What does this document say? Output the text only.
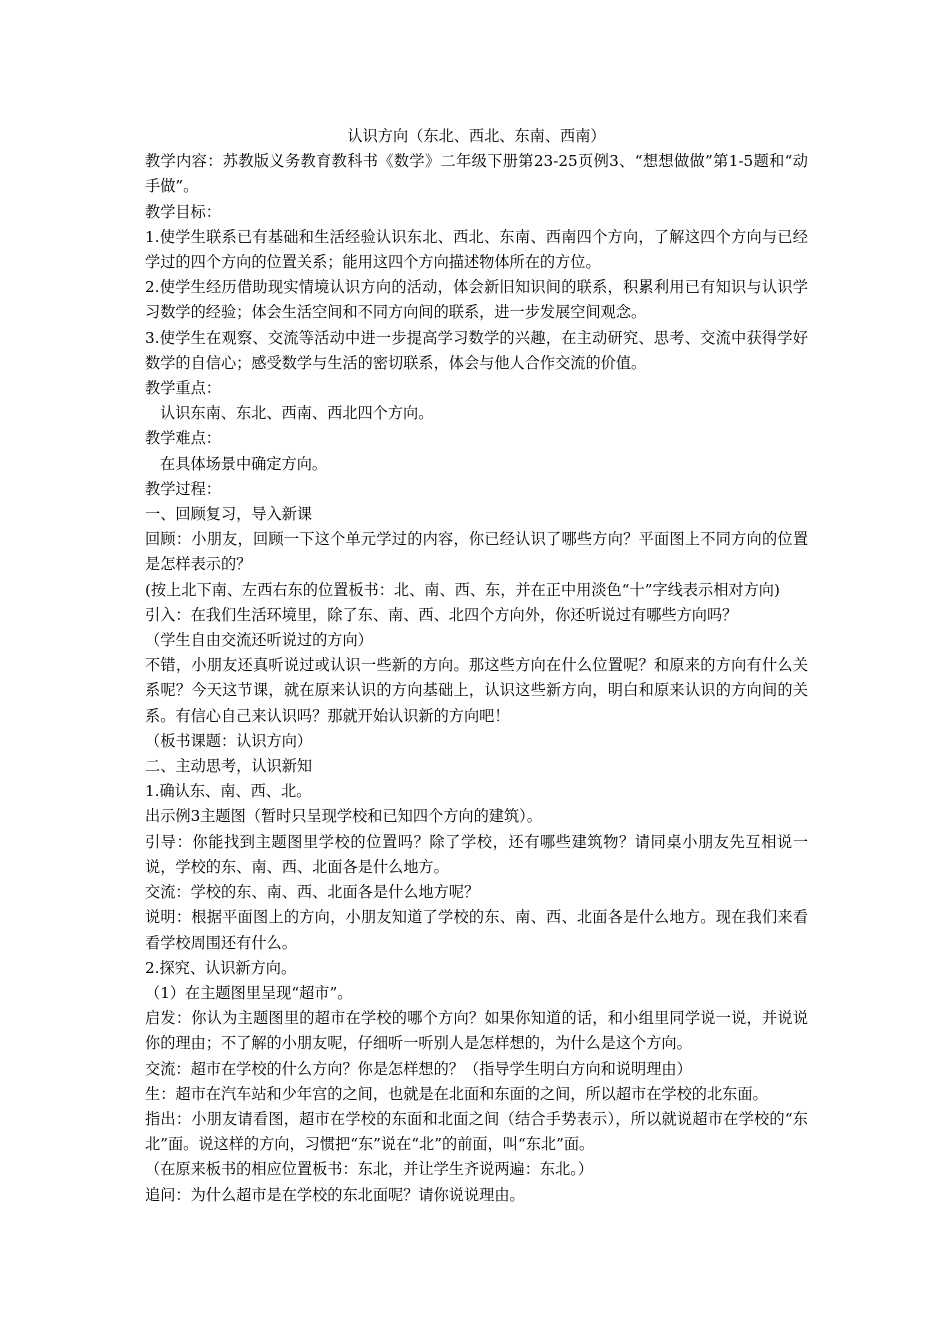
认识方向（东北、西北、东南、西南）

教学内容：苏教版义务教育教科书《数学》二年级下册第23-25页例3、“想想做做”第1-5题和“动手做”。

教学目标：

1.使学生联系已有基础和生活经验认识东北、西北、东南、西南四个方向，了解这四个方向与已经学过的四个方向的位置关系；能用这四个方向描述物体所在的方位。

2.使学生经历借助现实情境认识方向的活动，体会新旧知识间的联系，积累利用已有知识与认识学习数学的经验；体会生活空间和不同方向间的联系，进一步发展空间观念。

3.使学生在观察、交流等活动中进一步提高学习数学的兴趣，在主动研究、思考、交流中获得学好数学的自信心；感受数学与生活的密切联系，体会与他人合作交流的价值。

教学重点：

认识东南、东北、西南、西北四个方向。

教学难点：

在具体场景中确定方向。

教学过程：

一、回顾复习，导入新课

回顾：小朋友，回顾一下这个单元学过的内容，你已经认识了哪些方向？平面图上不同方向的位置是怎样表示的？

(按上北下南、左西右东的位置板书：北、南、西、东，并在正中用淡色“十”字线表示相对方向)

引入：在我们生活环境里，除了东、南、西、北四个方向外，你还听说过有哪些方向吗？

（学生自由交流还听说过的方向）

不错，小朋友还真听说过或认识一些新的方向。那这些方向在什么位置呢？和原来的方向有什么关系呢？今天这节课，就在原来认识的方向基础上，认识这些新方向，明白和原来认识的方向间的关系。有信心自己来认识吗？那就开始认识新的方向吧！

（板书课题：认识方向）

二、主动思考，认识新知

1.确认东、南、西、北。

出示例3主题图（暂时只呈现学校和已知四个方向的建筑）。

引导：你能找到主题图里学校的位置吗？除了学校，还有哪些建筑物？请同桌小朋友先互相说一说，学校的东、南、西、北面各是什么地方。

交流：学校的东、南、西、北面各是什么地方呢？

说明：根据平面图上的方向，小朋友知道了学校的东、南、西、北面各是什么地方。现在我们来看看学校周围还有什么。

2.探究、认识新方向。

（1）在主题图里呈现“超市”。

启发：你认为主题图里的超市在学校的哪个方向？如果你知道的话，和小组里同学说一说，并说说你的理由；不了解的小朋友呢，仔细听一听别人是怎样想的，为什么是这个方向。

交流：超市在学校的什么方向？你是怎样想的？（指导学生明白方向和说明理由）

生：超市在汽车站和少年宫的之间，也就是在北面和东面的之间，所以超市在学校的北东面。

指出：小朋友请看图，超市在学校的东面和北面之间（结合手势表示），所以就说超市在学校的“东北”面。说这样的方向，习惯把“东”说在“北”的前面，叫“东北”面。

（在原来板书的相应位置板书：东北，并让学生齐说两遍：东北。）

追问：为什么超市是在学校的东北面呢？请你说说理由。
